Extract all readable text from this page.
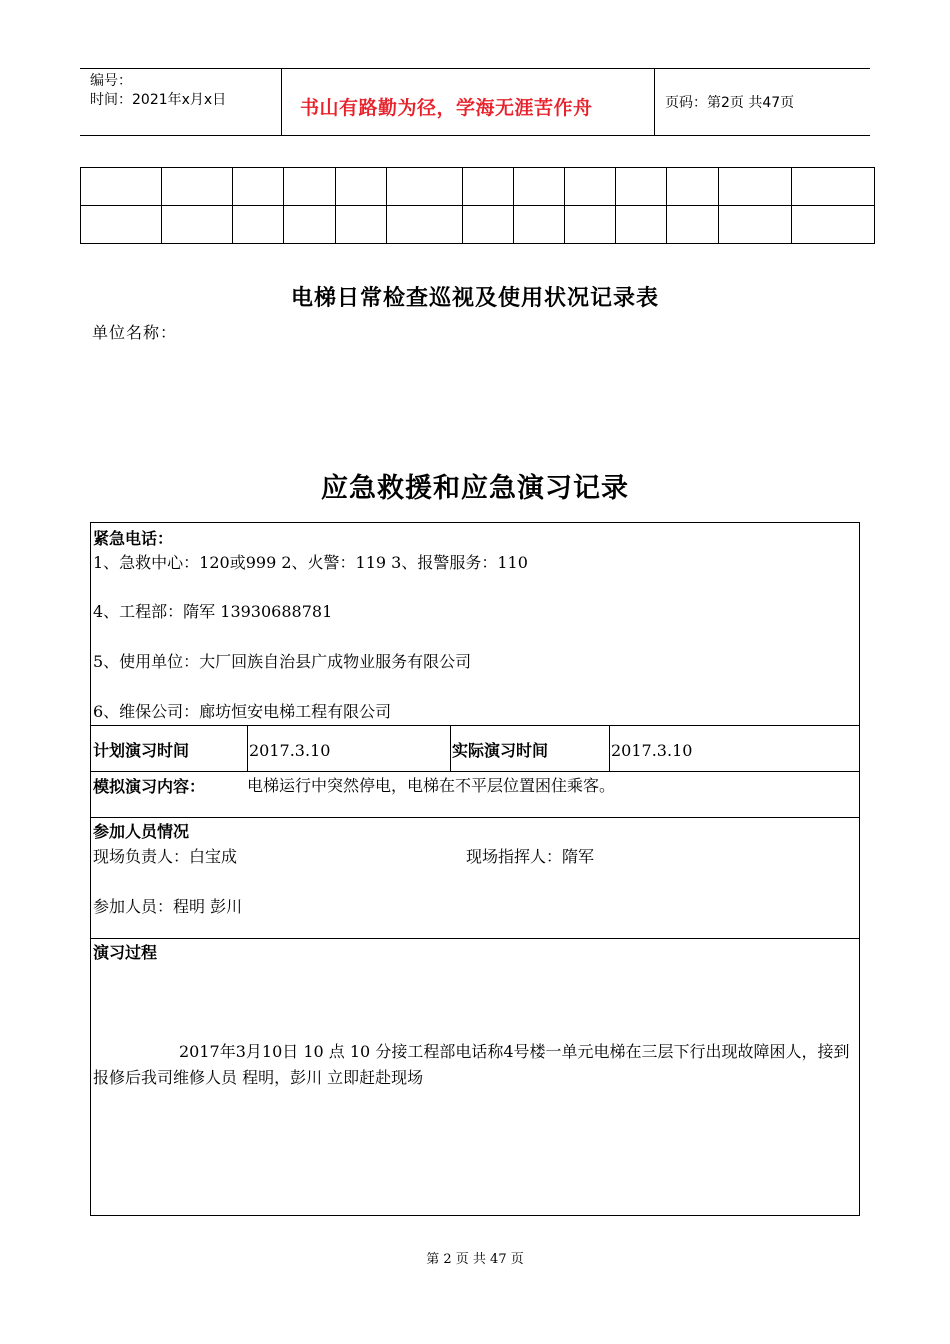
编号：
时间：2021年x月x日	书山有路勤为径，学海无涯苦作舟	页码：第2页 共47页

电梯日常检查巡视及使用状况记录表
单位名称：
应急救援和应急演习记录
紧急电话：
1、急救中心：120或999 2、火警：119 3、报警服务：110
4、工程部：隋军 13930688781
5、使用单位：大厂回族自治县广成物业服务有限公司
6、维保公司：廊坊恒安电梯工程有限公司
计划演习时间	2017.3.10	实际演习时间	2017.3.10
模拟演习内容：	电梯运行中突然停电，电梯在不平层位置困住乘客。
参加人员情况
现场负责人：白宝成	现场指挥人：隋军
参加人员：程明 彭川
演习过程
2017年3月10日 10 点 10 分接工程部电话称4号楼一单元电梯在三层下行出现故障困人，接到报修后我司维修人员 程明，彭川 立即赶赴现场
第 2 页 共 47 页
